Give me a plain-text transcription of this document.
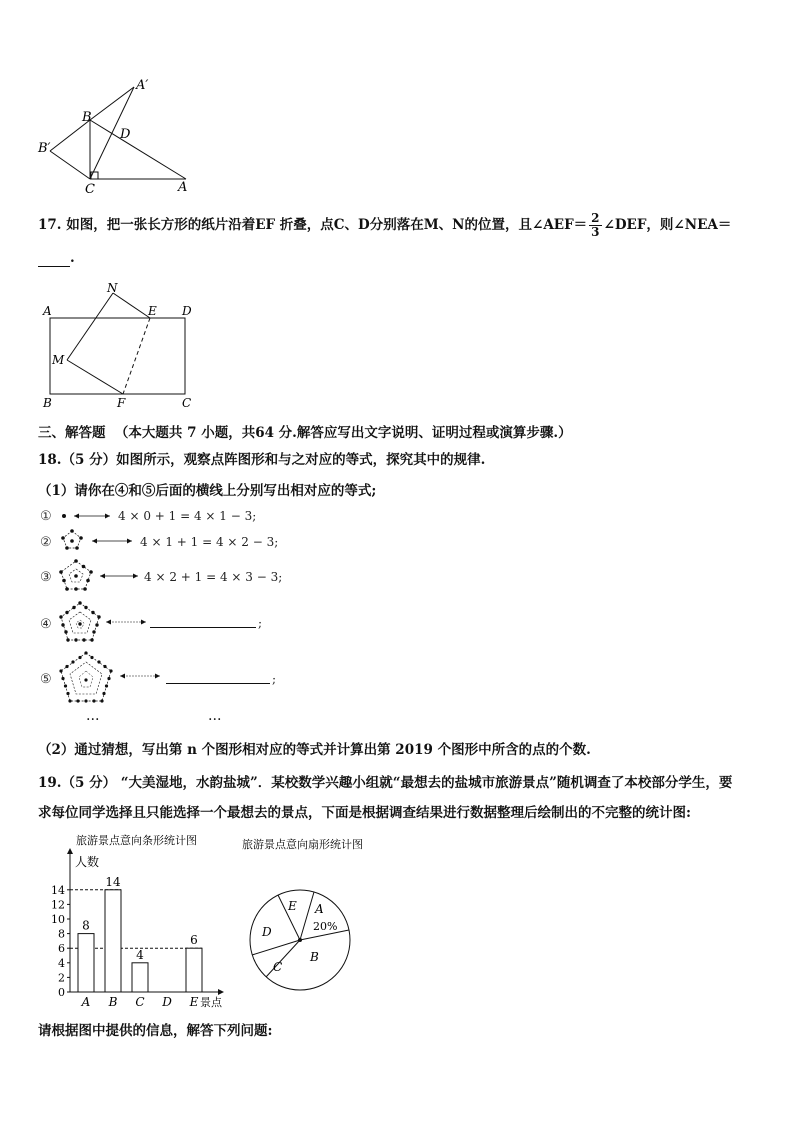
A′
B
B′
D
C	A
17. 如图，把一张长方形的纸片沿着EF 折叠，点C、D分别落在M、N的位置，且∠AEF＝ $\frac{2}{3}$ ∠DEF，则∠NEA＝
.
A
N
E D
M
B	F	C
三、解答题 （本大题共 7 小题，共64 分.解答应写出文字说明、证明过程或演算步骤.）
18.（5 分）如图所示，观察点阵图形和与之对应的等式，探究其中的规律.
（1）请你在④和⑤后面的横线上分别写出相对应的等式;
①	4 × 0 + 1 = 4 × 1 − 3;
②	4 × 1 + 1 = 4 × 2 − 3;
③	4 × 2 + 1 = 4 × 3 − 3;
④	;
⑤	;
…	…
（2）通过猜想，写出第 n 个图形相对应的等式并计算出第 2019 个图形中所含的点的个数.
19.（5 分） “大美湿地，水韵盐城”．某校数学兴趣小组就“最想去的盐城市旅游景点”随机调查了本校部分学生，要
求每位同学选择且只能选择一个最想去的景点，下面是根据调查结果进行数据整理后绘制出的不完整的统计图:
旅游景点意向条形统计图
人数
景点
0
2
4
6
8
10
12
14
8
A
14
B
4
C D
6
E
旅游景点意向扇形统计图
A
20%
B
C
D
E
请根据图中提供的信息，解答下列问题:
